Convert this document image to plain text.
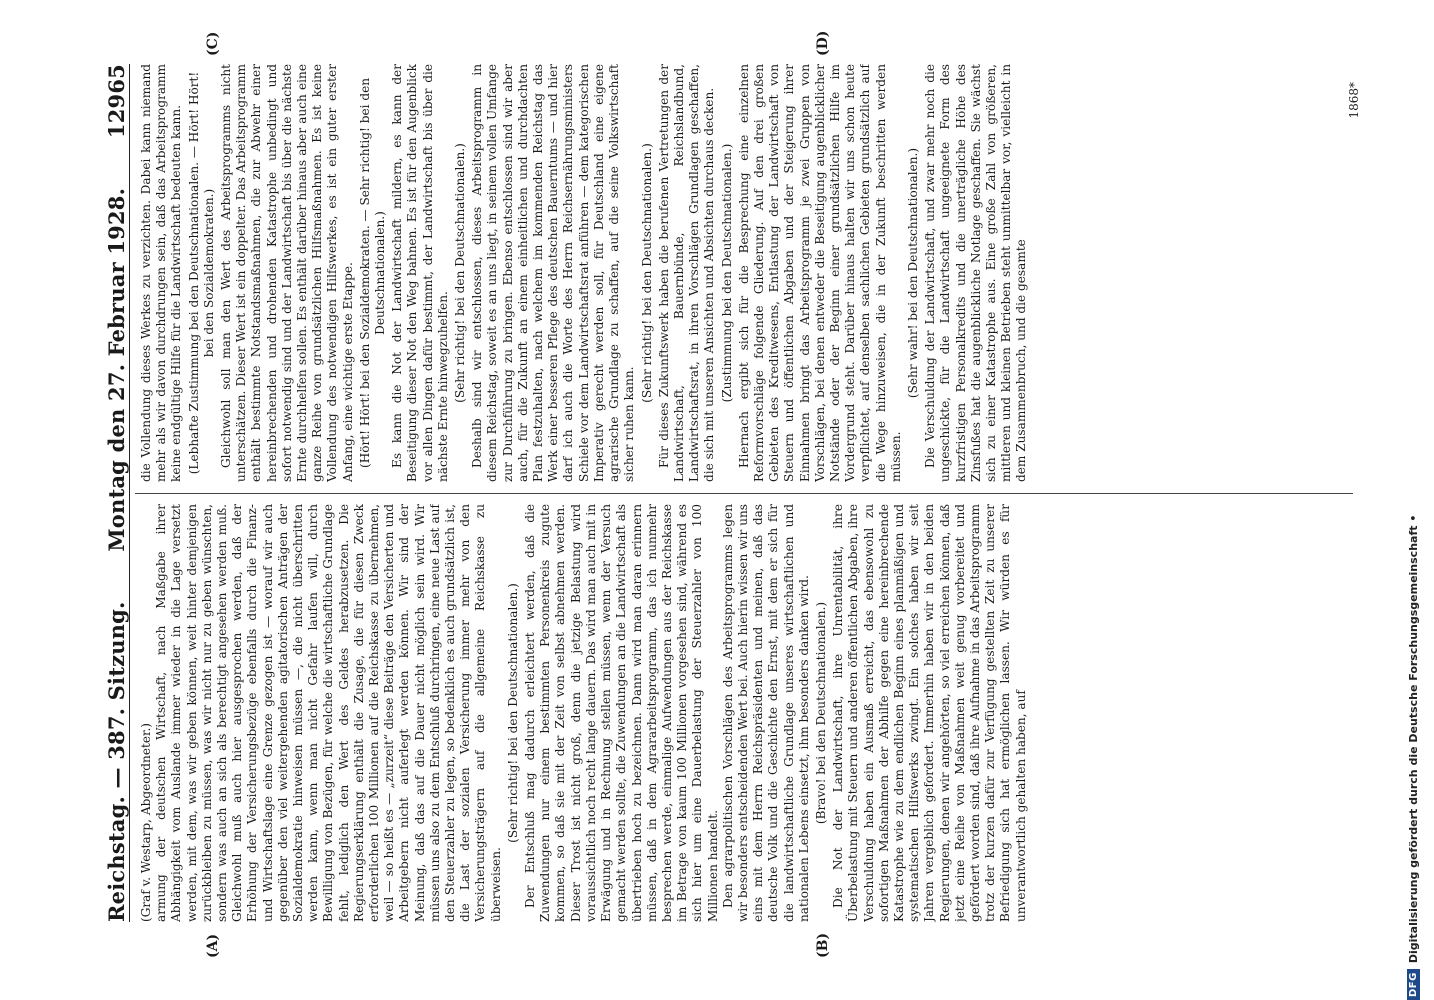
Reichstag. — 387. Sitzung.
Montag den 27. Februar 1928.
12965
(A)	(B)
(C)	(D)

(Graf v. Westarp, Abgeordneter.) armung der deutschen Wirtschaft, nach Maßgabe ihrer Abhängigkeit vom Auslande immer wieder in die Lage versetzt werden, mit dem, was wir geben können, weit hinter demjenigen zurückbleiben zu müssen, was wir nicht nur zu geben wünschten, sondern was auch an sich als berechtigt angesehen werden muß. Gleichwohl muß auch hier ausgesprochen werden, daß der Erhöhung der Versicherungsbezüge ebenfalls durch die Finanz- und Wirtschaftslage eine Grenze gezogen ist — worauf wir auch gegenüber den viel weitergehenden agitatorischen Anträgen der Sozialdemokratie hinweisen müssen —, die nicht überschritten werden kann, wenn man nicht Gefahr laufen will, durch Bewilligung von Bezügen, für welche die wirtschaftliche Grundlage fehlt, lediglich den Wert des Geldes herabzusetzen. Die Regierungserklärung enthält die Zusage, die für diesen Zweck erforderlichen 100 Millionen auf die Reichskasse zu übernehmen, weil — so heißt es — „zurzeit“ diese Beiträge den Versicherten und Arbeitgebern nicht auferlegt werden können. Wir sind der Meinung, daß das auf die Dauer nicht möglich sein wird. Wir müssen uns also zu dem Entschluß durchringen, eine neue Last auf den Steuerzahler zu legen, so bedenklich es auch grundsätzlich ist, die Last der sozialen Versicherung immer mehr von den Versicherungsträgern auf die allgemeine Reichskasse zu überweisen.

(Sehr richtig! bei den Deutschnationalen.) Der Entschluß mag dadurch erleichtert werden, daß die Zuwendungen nur einem bestimmten Personenkreis zugute kommen, so daß sie mit der Zeit von selbst abnehmen werden. Dieser Trost ist nicht groß, denn die jetzige Belastung wird voraussichtlich noch recht lange dauern. Das wird man auch mit in Erwägung und in Rechnung stellen müssen, wenn der Versuch gemacht werden sollte, die Zuwendungen an die Landwirtschaft als übertrieben hoch zu bezeichnen. Dann wird man daran erinnern müssen, daß in dem Agrararbeitsprogramm, das ich nunmehr besprechen werde, einmalige Aufwendungen aus der Reichskasse im Betrage von kaum 100 Millionen vorgesehen sind, während es sich hier um eine Dauerbelastung der Steuerzahler von 100 Millionen handelt. Den agrarpolitischen Vorschlägen des Arbeitsprogramms legen wir besonders entscheidenden Wert bei. Auch hierin wissen wir uns eins mit dem Herrn Reichspräsidenten und meinen, daß das deutsche Volk und die Geschichte den Ernst, mit dem er sich für die landwirtschaftliche Grundlage unseres wirtschaftlichen und nationalen Lebens einsetzt, ihm besonders danken wird. (Bravo! bei den Deutschnationalen.) Die Not der Landwirtschaft, ihre Unrentabilität, ihre Überbelastung mit Steuern und anderen öffentlichen Abgaben, ihre Verschuldung haben ein Ausmaß erreicht, das ebensowohl zu sofortigen Maßnahmen der Abhilfe gegen eine hereinbrechende Katastrophe wie zu dem endlichen Beginn eines planmäßigen und systematischen Hilfswerks zwingt. Ein solches haben wir seit Jahren vergeblich gefordert. Immerhin haben wir in den beiden Regierungen, denen wir angehörten, so viel erreichen können, daß jetzt eine Reihe von Maßnahmen weit genug vorbereitet und gefördert worden sind, daß ihre Aufnahme in das Arbeitsprogramm trotz der kurzen dafür zur Verfügung gestellten Zeit zu unserer Befriedigung sich hat ermöglichen lassen. Wir würden es für unverantwortlich gehalten haben, auf

die Vollendung dieses Werkes zu verzichten. Dabei kann niemand mehr als wir davon durchdrungen sein, daß das Arbeitsprogramm keine endgültige Hilfe für die Landwirtschaft bedeuten kann. (Lebhafte Zustimmung bei den Deutschnationalen. — Hört! Hört! bei den Sozialdemokraten.) Gleichwohl soll man den Wert des Arbeitsprogramms nicht unterschätzen. Dieser Wert ist ein doppelter. Das Arbeitsprogramm enthält bestimmte Notstandsmaßnahmen, die zur Abwehr einer hereinbrechenden und drohenden Katastrophe unbedingt und sofort notwendig sind und der Landwirtschaft bis über die nächste Ernte durchhelfen sollen. Es enthält darüber hinaus aber auch eine ganze Reihe von grundsätzlichen Hilfsmaßnahmen. Es ist keine Vollendung des notwendigen Hilfswerkes, es ist ein guter erster Anfang, eine wichtige erste Etappe. (Hört! Hört! bei den Sozialdemokraten. — Sehr richtig! bei den Deutschnationalen.) Es kann die Not der Landwirtschaft mildern, es kann der Beseitigung dieser Not den Weg bahnen. Es ist für den Augenblick vor allen Dingen dafür bestimmt, der Landwirtschaft bis über die nächste Ernte hinwegzuhelfen. (Sehr richtig! bei den Deutschnationalen.) Deshalb sind wir entschlossen, dieses Arbeitsprogramm in diesem Reichstag, soweit es an uns liegt, in seinem vollen Umfange zur Durchführung zu bringen. Ebenso entschlossen sind wir aber auch, für die Zukunft an einem einheitlichen und durchdachten Plan festzuhalten, nach welchem im kommenden Reichstag das Werk einer besseren Pflege des deutschen Bauerntums — und hier darf ich auch die Worte des Herrn Reichsernährungsministers Schiele vor dem Landwirtschaftsrat anführen — dem kategorischen Imperativ gerecht werden soll, für Deutschland eine eigene agrarische Grundlage zu schaffen, auf die seine Volkswirtschaft sicher ruhen kann.

(Sehr richtig! bei den Deutschnationalen.) Für dieses Zukunftswerk haben die berufenen Vertretungen der Landwirtschaft, Bauernbünde, Reichslandbund, Landwirtschaftsrat, in ihren Vorschlägen Grundlagen geschaffen, die sich mit unseren Ansichten und Absichten durchaus decken. (Zustimmung bei den Deutschnationalen.) Hiernach ergibt sich für die Besprechung eine einzelnen Reformvorschläge folgende Gliederung. Auf den drei großen Gebieten des Kreditwesens, Entlastung der Landwirtschaft von Steuern und öffentlichen Abgaben und der Steigerung ihrer Einnahmen bringt das Arbeitsprogramm je zwei Gruppen von Vorschlägen, bei denen entweder die Beseitigung augenblicklicher Notstände oder der Beginn einer grundsätzlichen Hilfe im Vordergrund steht. Darüber hinaus halten wir uns schon heute verpflichtet, auf denselben sachlichen Gebieten grundsätzlich auf die Wege hinzuweisen, die in der Zukunft beschritten werden müssen.

(Sehr wahr! bei den Deutschnationalen.) Die Verschuldung der Landwirtschaft, und zwar mehr noch die ungeschickte, für die Landwirtschaft ungeeignete Form des kurzfristigen Personalkredits und die unerträgliche Höhe des Zinsfußes hat die augenblickliche Notlage geschaffen. Sie wächst sich zu einer Katastrophe aus. Eine große Zahl von größeren, mittleren und kleinen Betrieben steht unmittelbar vor, vielleicht in dem Zusammenbruch, und die gesamte

1868*
DFG
Digitalisierung gefördert durch die Deutsche Forschungsgemeinschaft •
